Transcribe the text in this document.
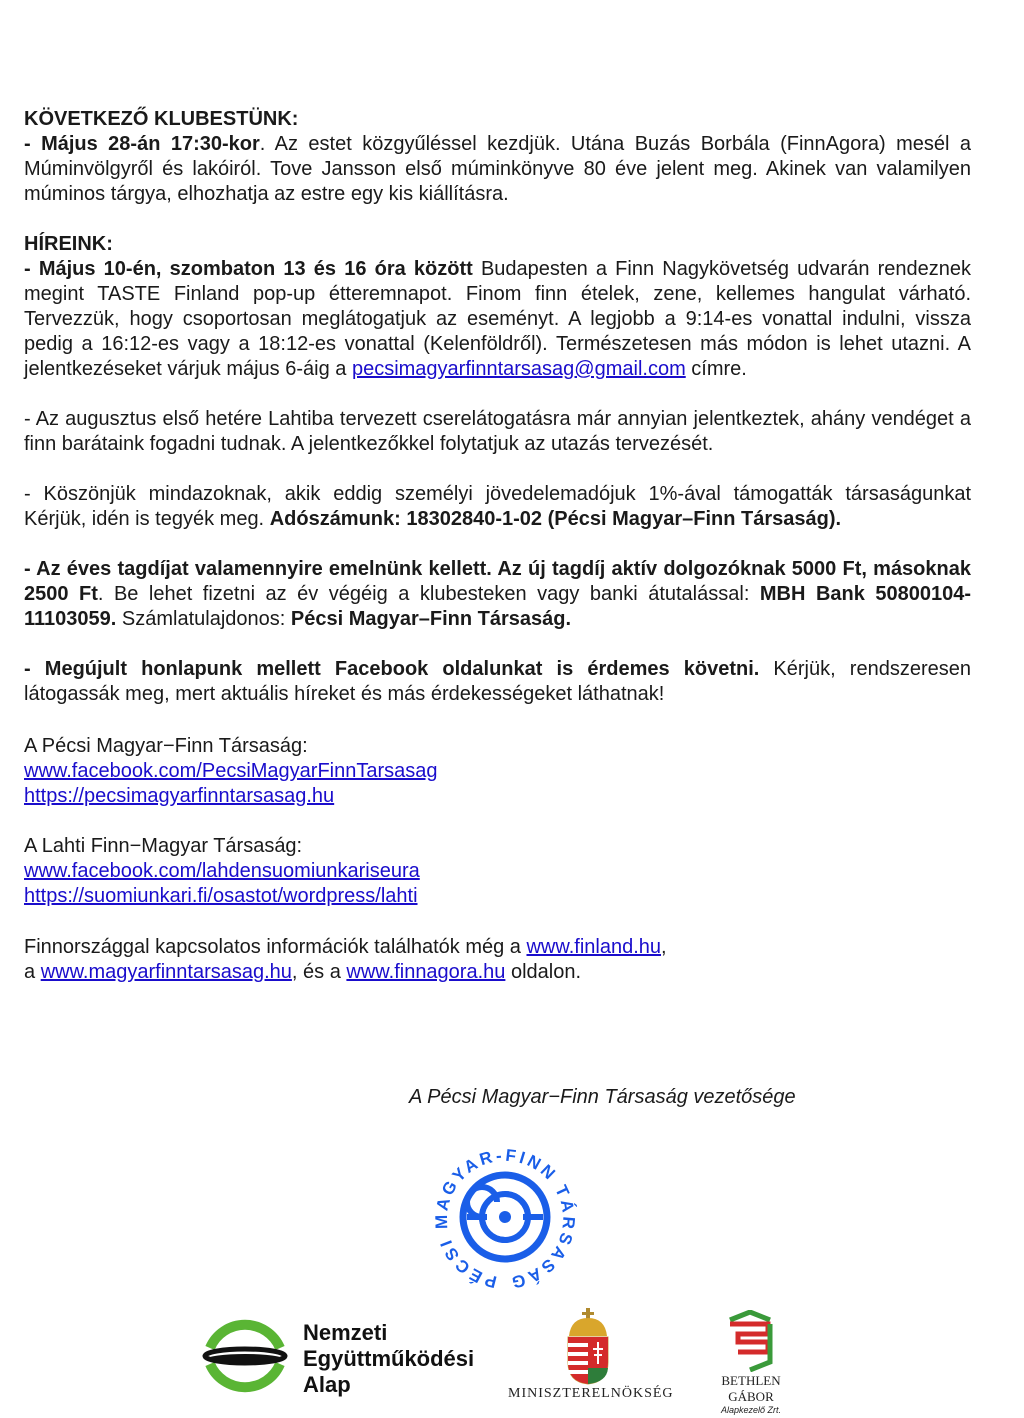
KÖVETKEZŐ KLUBESTÜNK:
- Május 28-án 17:30-kor. Az estet közgyűléssel kezdjük. Utána Buzás Borbála (FinnAgora) mesél a Múminvölgyről és lakóiról. Tove Jansson első múminkönyve 80 éve jelent meg. Akinek van valamilyen múminos tárgya, elhozhatja az estre egy kis kiállításra.
HÍREINK:
- Május 10-én, szombaton 13 és 16 óra között Budapesten a Finn Nagykövetség udvarán rendeznek megint TASTE Finland pop-up étteremnapot. Finom finn ételek, zene, kellemes hangulat várható. Tervezzük, hogy csoportosan meglátogatjuk az eseményt. A legjobb a 9:14-es vonattal indulni, vissza pedig a 16:12-es vagy a 18:12-es vonattal (Kelenföldről). Természetesen más módon is lehet utazni. A jelentkezéseket várjuk május 6-áig a pecsimagyarfinntarsasag@gmail.com címre.
- Az augusztus első hetére Lahtiba tervezett cserelátogatásra már annyian jelentkeztek, ahány vendéget a finn barátaink fogadni tudnak. A jelentkezőkkel folytatjuk az utazás tervezését.
- Köszönjük mindazoknak, akik eddig személyi jövedelemadójuk 1%-ával támogatták társaságunkat Kérjük, idén is tegyék meg. Adószámunk: 18302840-1-02 (Pécsi Magyar–Finn Társaság).
- Az éves tagdíjat valamennyire emelnünk kellett. Az új tagdíj aktív dolgozóknak 5000 Ft, másoknak 2500 Ft. Be lehet fizetni az év végéig a klubesteken vagy banki átutalással: MBH Bank 50800104-11103059. Számlatulajdonos: Pécsi Magyar–Finn Társaság.
- Megújult honlapunk mellett Facebook oldalunkat is érdemes követni. Kérjük, rendszeresen látogassák meg, mert aktuális híreket és más érdekességeket láthatnak!
A Pécsi Magyar−Finn Társaság:
www.facebook.com/PecsiMagyarFinnTarsasag
https://pecsimagyarfinntarsasag.hu
A Lahti Finn−Magyar Társaság:
www.facebook.com/lahdensuomiunkariseura
https://suomiunkari.fi/osastot/wordpress/lahti
Finnországgal kapcsolatos információk találhatók még a www.finland.hu,
a www.magyarfinntarsasag.hu, és a www.finnagora.hu oldalon.
A Pécsi Magyar−Finn Társaság vezetősége
PÉCSI MAGYAR-FINN TÁRSASÁG
Nemzeti
Együttműködési
Alap	MINISZTERELNÖKSÉG
BETHLEN GÁBOR
Alapkezelő Zrt.
